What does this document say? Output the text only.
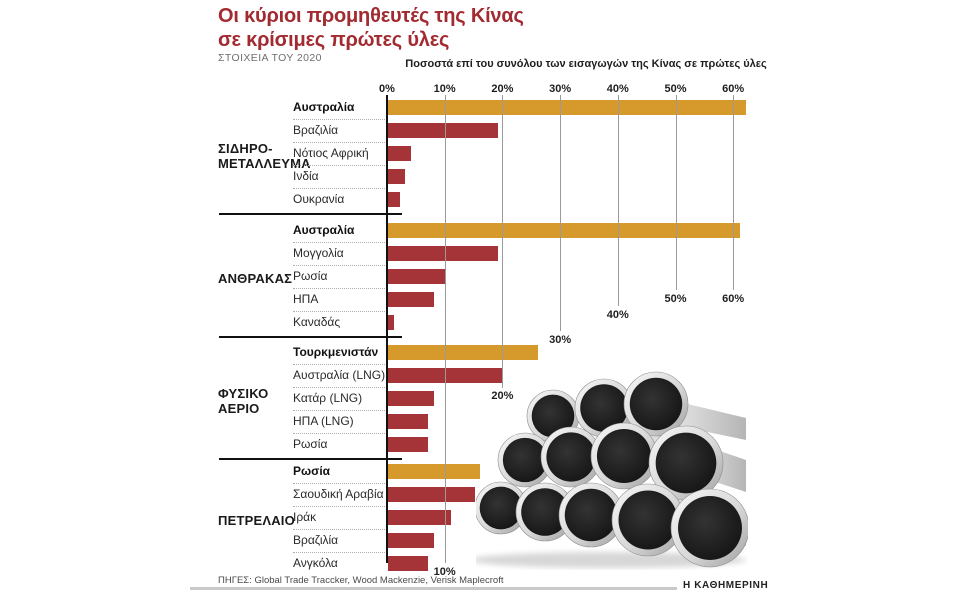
Οι κύριοι προμηθευτές της Κίνας
σε κρίσιμες πρώτες ύλες
ΣΤΟΙΧΕΙΑ ΤΟΥ 2020	Ποσοστά επί του συνόλου των εισαγωγών της Κίνας σε πρώτες ύλες
0%	10%	20%	30%	40%	50%	60%
10%
20%
30%
40%
50%	60%
ΣΙΔΗΡΟ-
ΜΕΤΑΛΛΕΥΜΑ
Αυστραλία
Βραζιλία
Νότιος Αφρική
Ινδία
Ουκρανία
ΑΝΘΡΑΚΑΣ
Αυστραλία
Μογγολία
Ρωσία
ΗΠΑ
Καναδάς
ΦΥΣΙΚΟ
ΑΕΡΙΟ
Τουρκμενιστάν
Αυστραλία (LNG)
Κατάρ (LNG)
ΗΠΑ (LNG)
Ρωσία
ΠΕΤΡΕΛΑΙΟ
Ρωσία
Σαουδική Αραβία
Ιράκ
Βραζιλία
Ανγκόλα
ΠΗΓΕΣ: Global Trade Traccker, Wood Mackenzie, Verisk Maplecroft	Η ΚΑΘΗΜΕΡΙΝΗ
